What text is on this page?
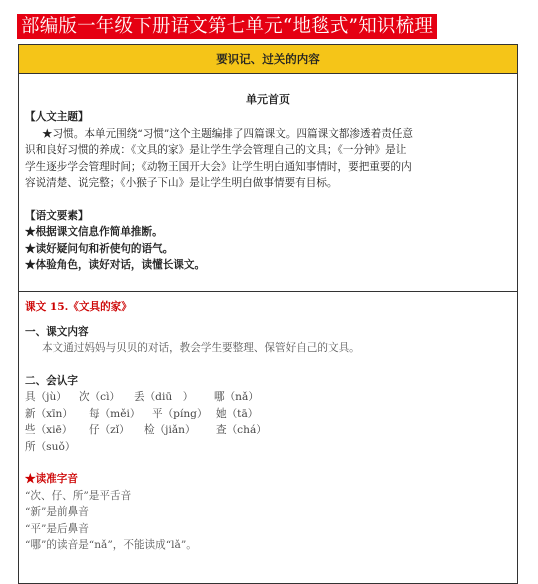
部编版一年级下册语文第七单元“地毯式”知识梳理
要识记、过关的内容
单元首页
【人文主题】
★习惯。本单元围绕“习惯”这个主题编排了四篇课文。四篇课文都渗透着责任意
识和良好习惯的养成：《文具的家》是让学生学会管理自己的文具；《一分钟》是让
学生逐步学会管理时间；《动物王国开大会》让学生明白通知事情时，要把重要的内
容说清楚、说完整；《小猴子下山》是让学生明白做事情要有目标。
【语文要素】
★根据课文信息作简单推断。
★读好疑问句和祈使句的语气。
★体验角色，读好对话，读懂长课文。
课文 15.《文具的家》
一、课文内容
本文通过妈妈与贝贝的对话，教会学生要整理、保管好自己的文具。
二、会认字
具（jù） 次（cì） 丢（diū　） 哪（nǎ）
新（xīn） 每（měi） 平（píng） 她（tā）
些（xiē） 仔（zǐ） 检（jiǎn） 查（chá）
所（suǒ）
★读准字音
“次、仔、所”是平舌音
“新”是前鼻音
“平”是后鼻音
“哪”的读音是“nǎ”，不能读成“lǎ”。
